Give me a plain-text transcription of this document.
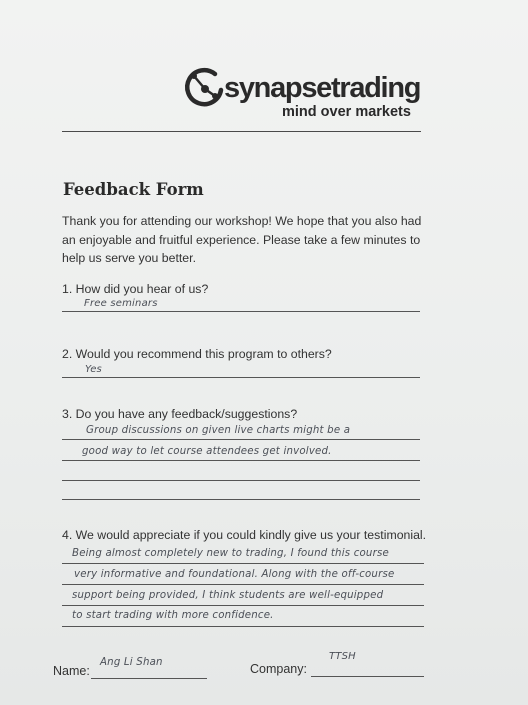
synapsetrading
mind over markets
Feedback Form
Thank you for attending our workshop! We hope that you also had an enjoyable and fruitful experience. Please take a few minutes to help us serve you better.
1. How did you hear of us?
Free seminars
2. Would you recommend this program to others?
Yes
3. Do you have any feedback/suggestions?
Group discussions on given live charts might be a
good way to let course attendees get involved.
4. We would appreciate if you could kindly give us your testimonial.
Being almost completely new to trading, I found this course
very informative and foundational. Along with the off-course
support being provided, I think students are well-equipped
to start trading with more confidence.
Name:
Ang Li Shan	Company:
TTSH
